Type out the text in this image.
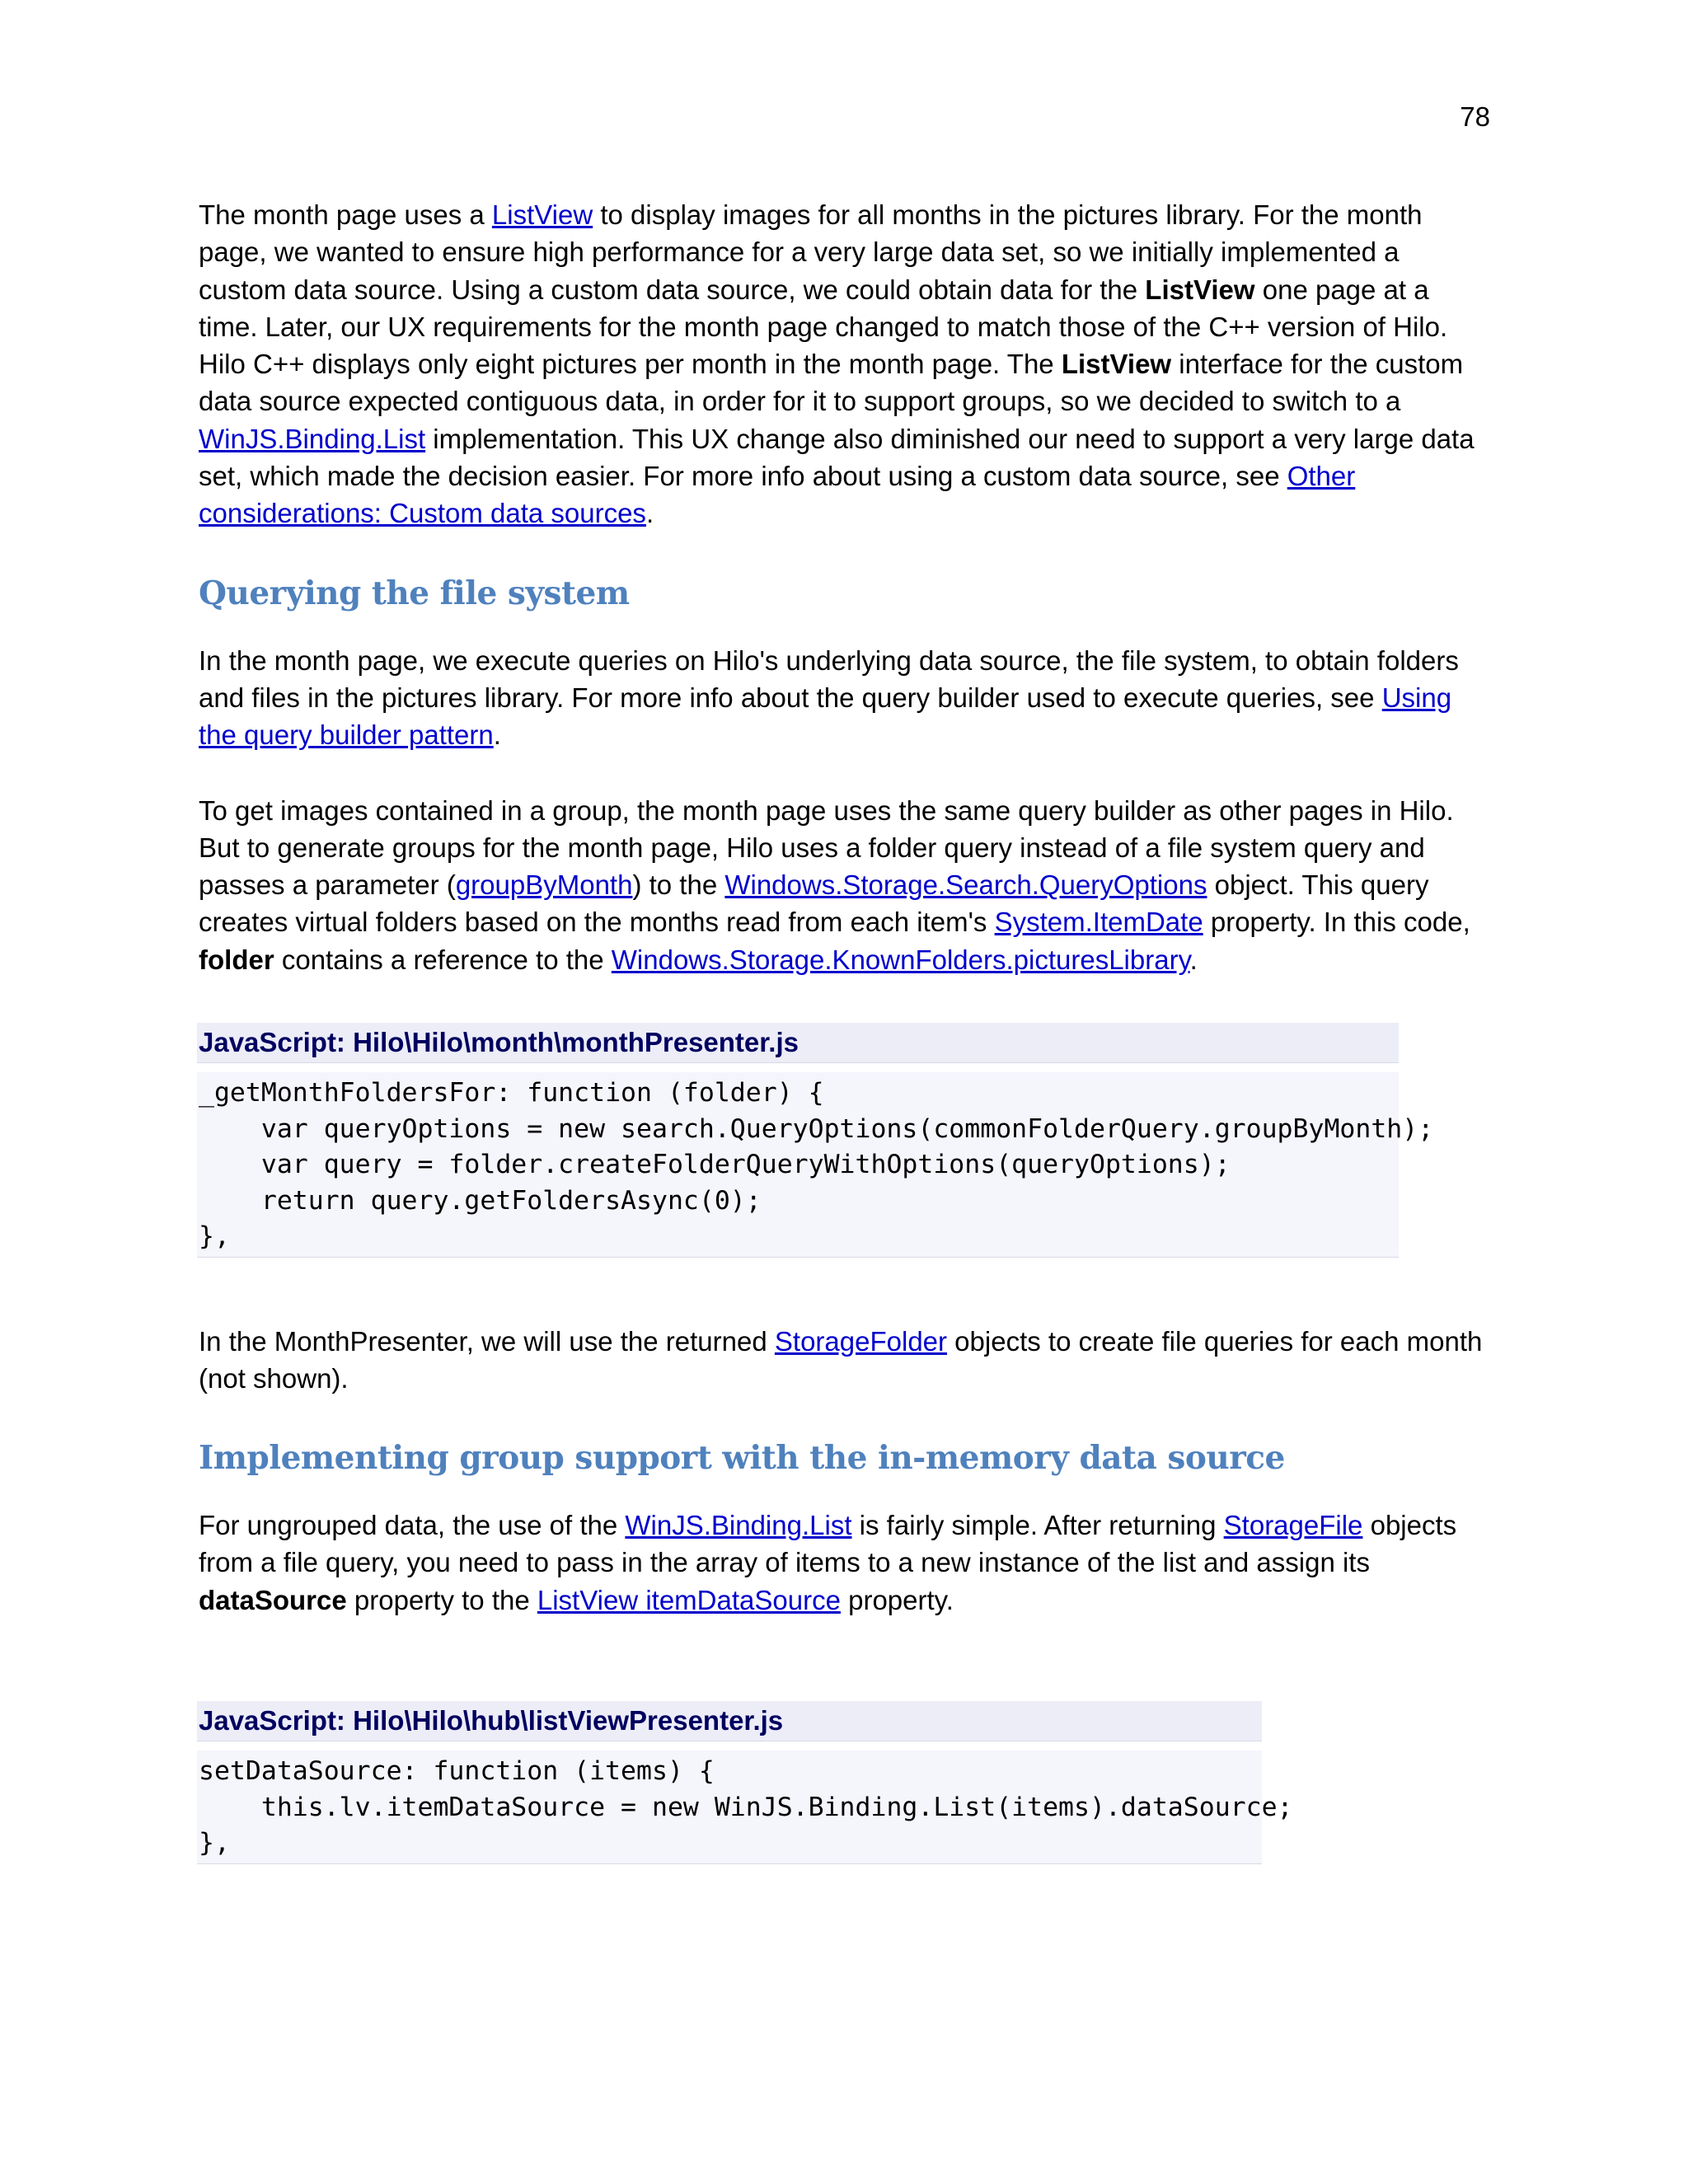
78

The month page uses a ListView to display images for all months in the pictures library. For the month page, we wanted to ensure high performance for a very large data set, so we initially implemented a custom data source. Using a custom data source, we could obtain data for the ListView one page at a time. Later, our UX requirements for the month page changed to match those of the C++ version of Hilo. Hilo C++ displays only eight pictures per month in the month page. The ListView interface for the custom data source expected contiguous data, in order for it to support groups, so we decided to switch to a WinJS.Binding.List implementation. This UX change also diminished our need to support a very large data set, which made the decision easier. For more info about using a custom data source, see Other considerations: Custom data sources.

Querying the file system

In the month page, we execute queries on Hilo's underlying data source, the file system, to obtain folders and files in the pictures library. For more info about the query builder used to execute queries, see Using the query builder pattern.

To get images contained in a group, the month page uses the same query builder as other pages in Hilo. But to generate groups for the month page, Hilo uses a folder query instead of a file system query and passes a parameter (groupByMonth) to the Windows.Storage.Search.QueryOptions object. This query creates virtual folders based on the months read from each item's System.ItemDate property. In this code, folder contains a reference to the Windows.Storage.KnownFolders.picturesLibrary.

JavaScript: Hilo\Hilo\month\monthPresenter.js
_getMonthFoldersFor: function (folder) {
var queryOptions = new search.QueryOptions(commonFolderQuery.groupByMonth);
var query = folder.createFolderQueryWithOptions(queryOptions);
return query.getFoldersAsync(0);
},

In the MonthPresenter, we will use the returned StorageFolder objects to create file queries for each month (not shown).

Implementing group support with the in-memory data source

For ungrouped data, the use of the WinJS.Binding.List is fairly simple. After returning StorageFile objects from a file query, you need to pass in the array of items to a new instance of the list and assign its dataSource property to the ListView itemDataSource property.

JavaScript: Hilo\Hilo\hub\listViewPresenter.js
setDataSource: function (items) {
this.lv.itemDataSource = new WinJS.Binding.List(items).dataSource;
},
